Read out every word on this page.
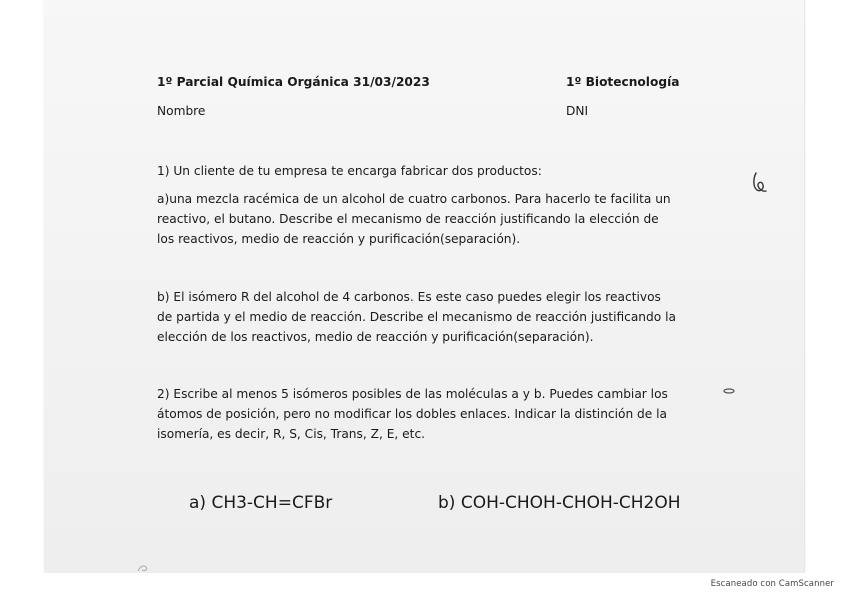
1º Parcial Química Orgánica 31/03/2023	1º Biotecnología
Nombre	DNI
1) Un cliente de tu empresa te encarga fabricar dos productos:
a)una mezcla racémica de un alcohol de cuatro carbonos. Para hacerlo te facilita un reactivo, el butano. Describe el mecanismo de reacción justificando la elección de los reactivos, medio de reacción y purificación(separación).
b) El isómero R del alcohol de 4 carbonos. Es este caso puedes elegir los reactivos de partida y el medio de reacción. Describe el mecanismo de reacción justificando la elección de los reactivos, medio de reacción y purificación(separación).
2) Escribe al menos 5 isómeros posibles de las moléculas a y b. Puedes cambiar los átomos de posición, pero no modificar los dobles enlaces. Indicar la distinción de la isomería, es decir, R, S, Cis, Trans, Z, E, etc.
a) CH3-CH=CFBr	b) COH-CHOH-CHOH-CH2OH
Escaneado con CamScanner
